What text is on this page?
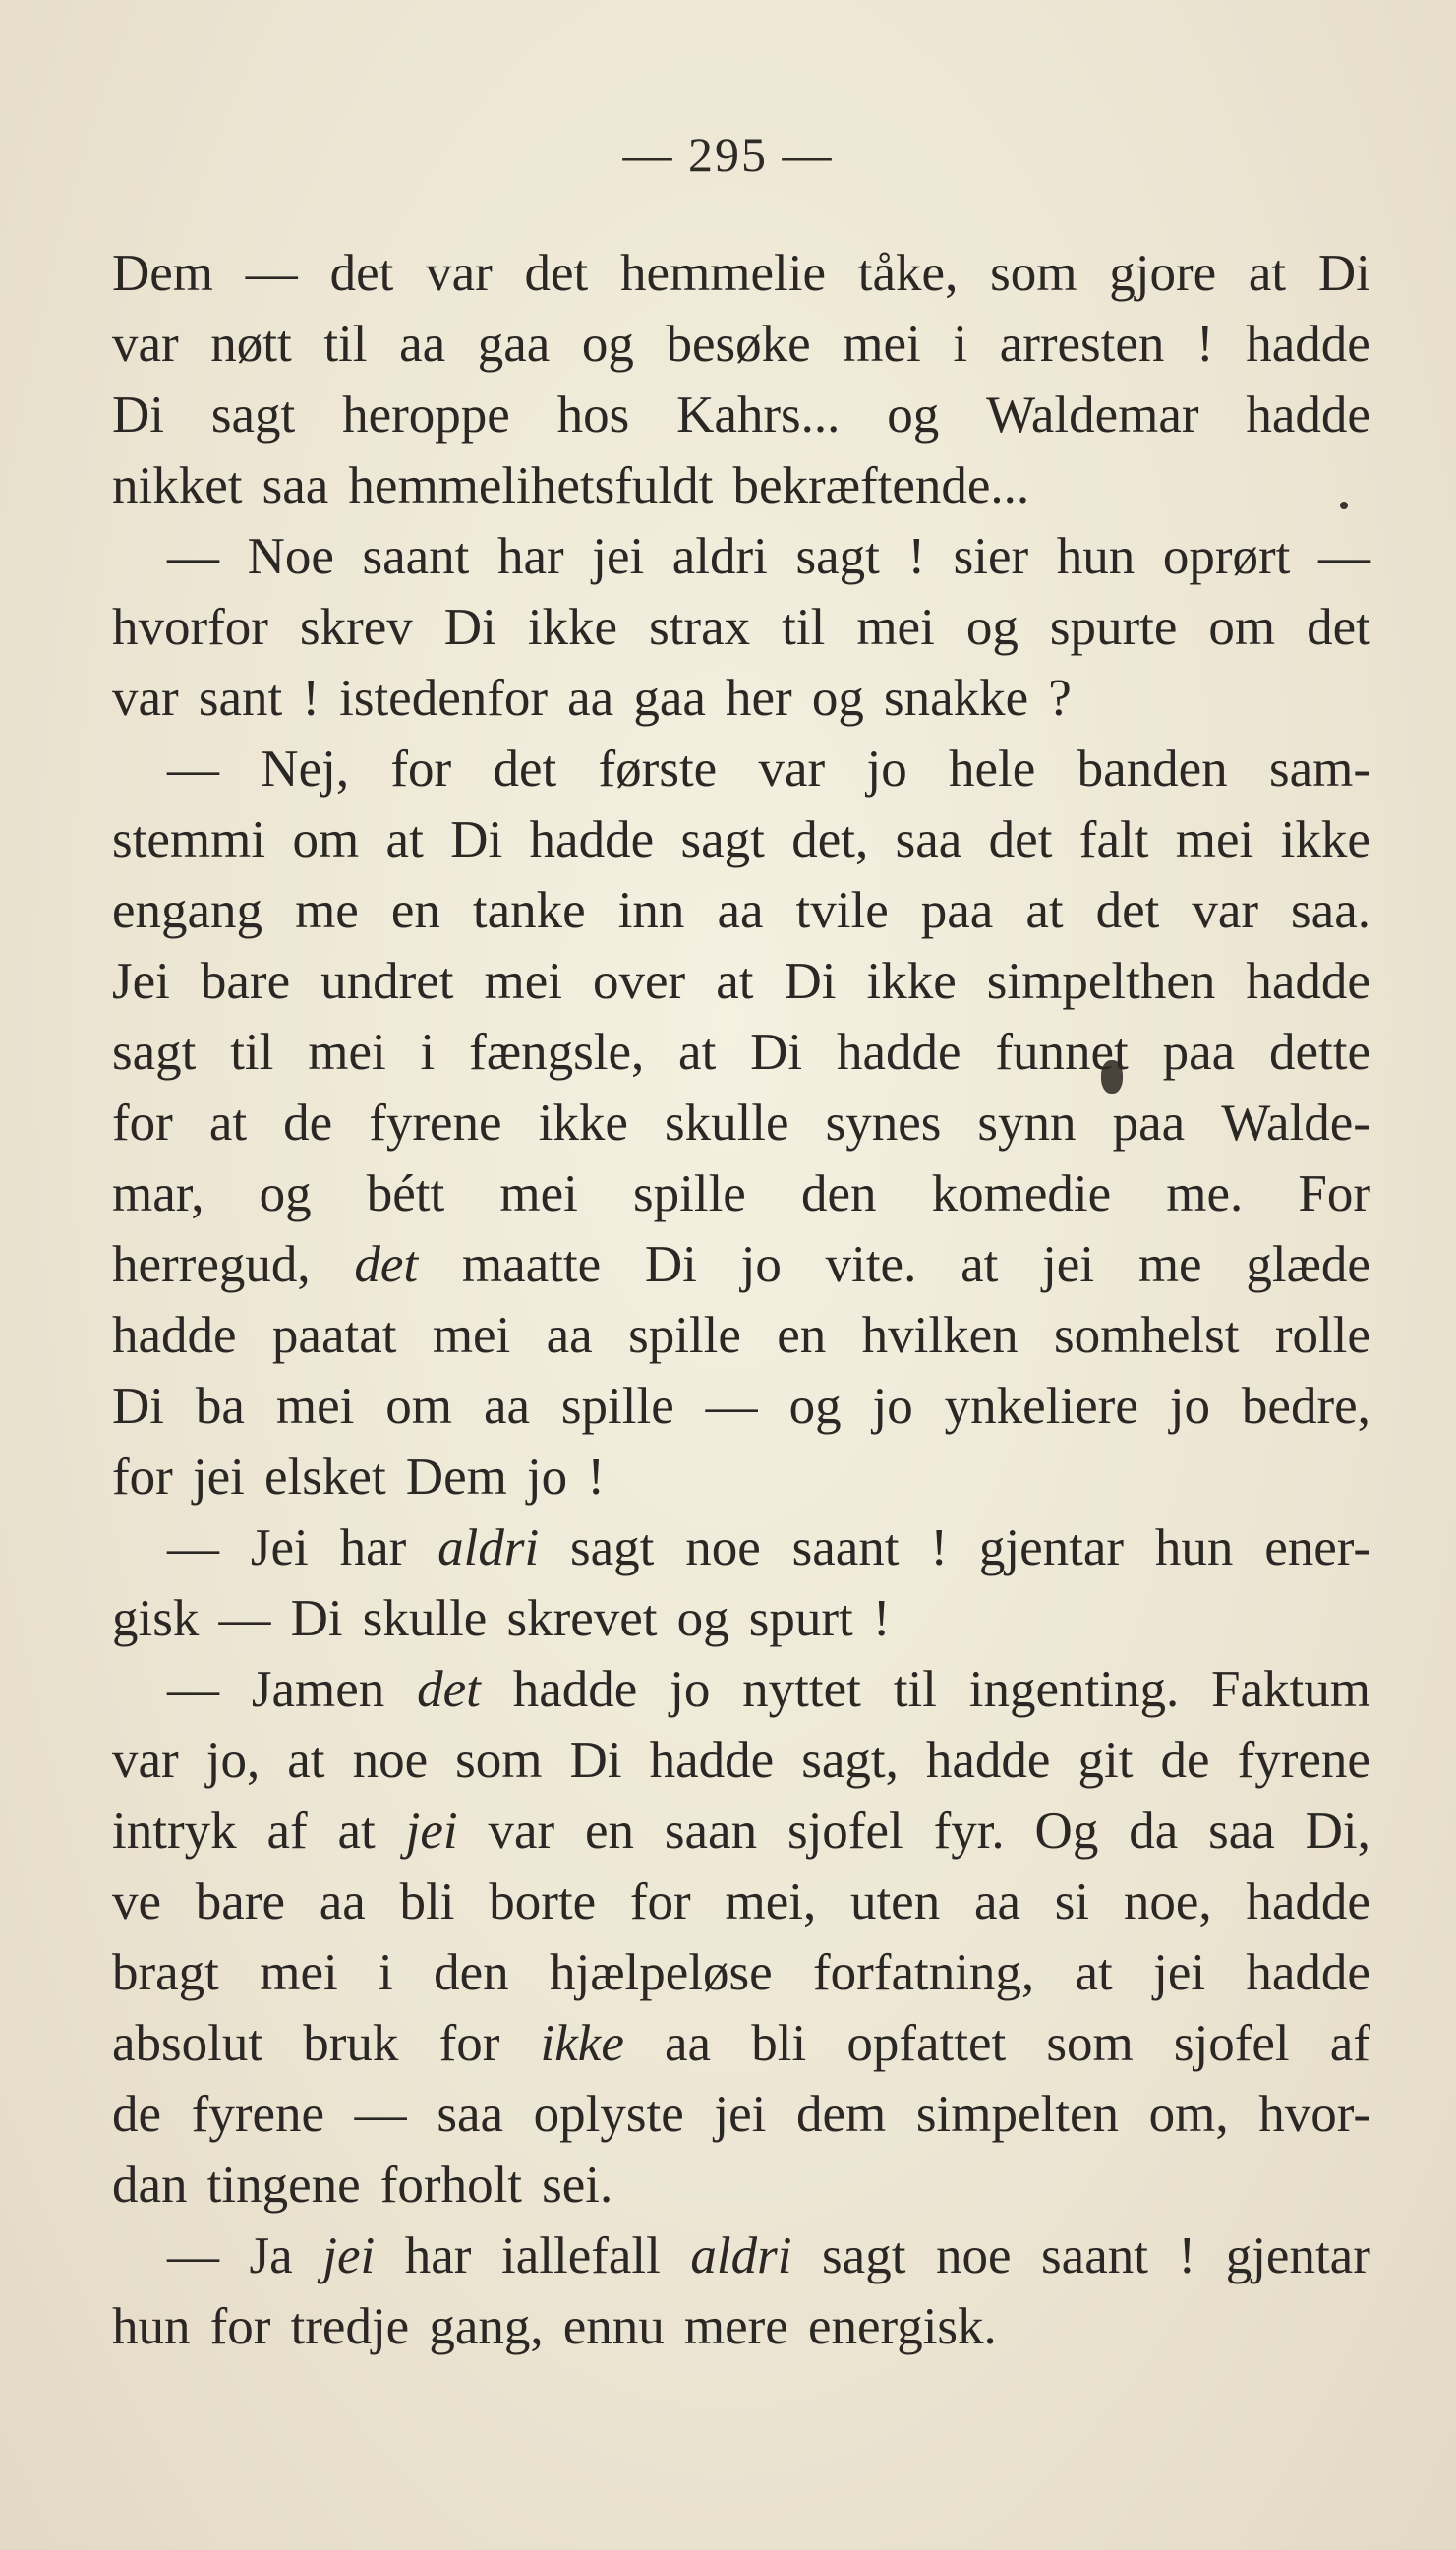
— 295 —
Dem — det var det hemmelie tåke, som gjore at Di
var nøtt til aa gaa og besøke mei i arresten ! hadde
Di sagt heroppe hos Kahrs... og Waldemar hadde
nikket saa hemmelihetsfuldt bekræftende...
— Noe saant har jei aldri sagt ! sier hun oprørt —
hvorfor skrev Di ikke strax til mei og spurte om det
var sant ! istedenfor aa gaa her og snakke ?
— Nej, for det første var jo hele banden sam-
stemmi om at Di hadde sagt det, saa det falt mei ikke
engang me en tanke inn aa tvile paa at det var saa.
Jei bare undret mei over at Di ikke simpelthen hadde
sagt til mei i fængsle, at Di hadde funnet paa dette
for at de fyrene ikke skulle synes synn paa Walde-
mar, og bétt mei spille den komedie me. For
herregud, det maatte Di jo vite. at jei me glæde
hadde paatat mei aa spille en hvilken somhelst rolle
Di ba mei om aa spille — og jo ynkeliere jo bedre,
for jei elsket Dem jo !
— Jei har aldri sagt noe saant ! gjentar hun ener-
gisk — Di skulle skrevet og spurt !
— Jamen det hadde jo nyttet til ingenting. Faktum
var jo, at noe som Di hadde sagt, hadde git de fyrene
intryk af at jei var en saan sjofel fyr. Og da saa Di,
ve bare aa bli borte for mei, uten aa si noe, hadde
bragt mei i den hjælpeløse forfatning, at jei hadde
absolut bruk for ikke aa bli opfattet som sjofel af
de fyrene — saa oplyste jei dem simpelten om, hvor-
dan tingene forholt sei.
— Ja jei har iallefall aldri sagt noe saant ! gjentar
hun for tredje gang, ennu mere energisk.
